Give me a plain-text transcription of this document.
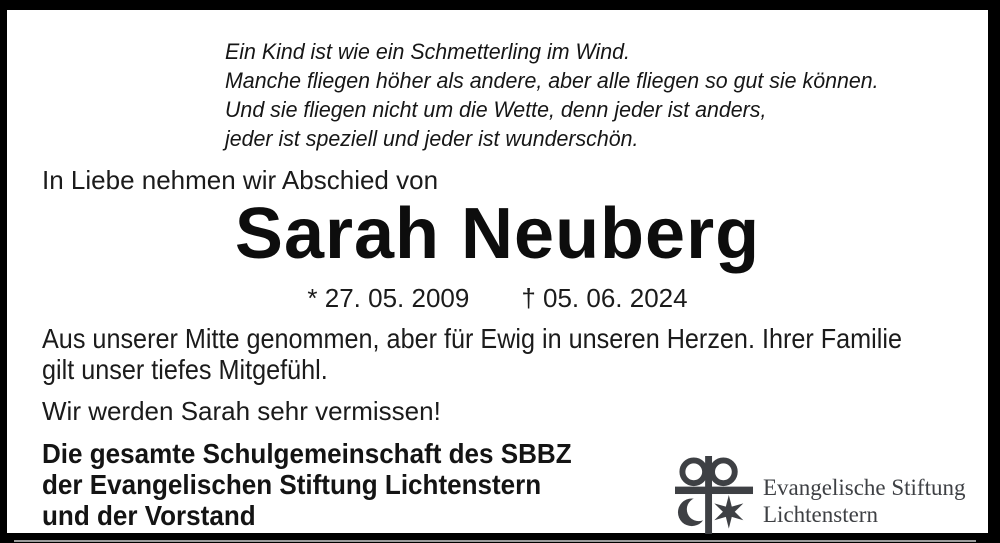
Ein Kind ist wie ein Schmetterling im Wind.
Manche fliegen höher als andere, aber alle fliegen so gut sie können.
Und sie fliegen nicht um die Wette, denn jeder ist anders,
jeder ist speziell und jeder ist wunderschön.
In Liebe nehmen wir Abschied von
Sarah Neuberg
* 27. 05. 2009 † 05. 06. 2024
Aus unserer Mitte genommen, aber für Ewig in unseren Herzen. Ihrer Familie
gilt unser tiefes Mitgefühl.
Wir werden Sarah sehr vermissen!
Die gesamte Schulgemeinschaft des SBBZ
der Evangelischen Stiftung Lichtenstern
und der Vorstand
Evangelische Stiftung
Lichtenstern
